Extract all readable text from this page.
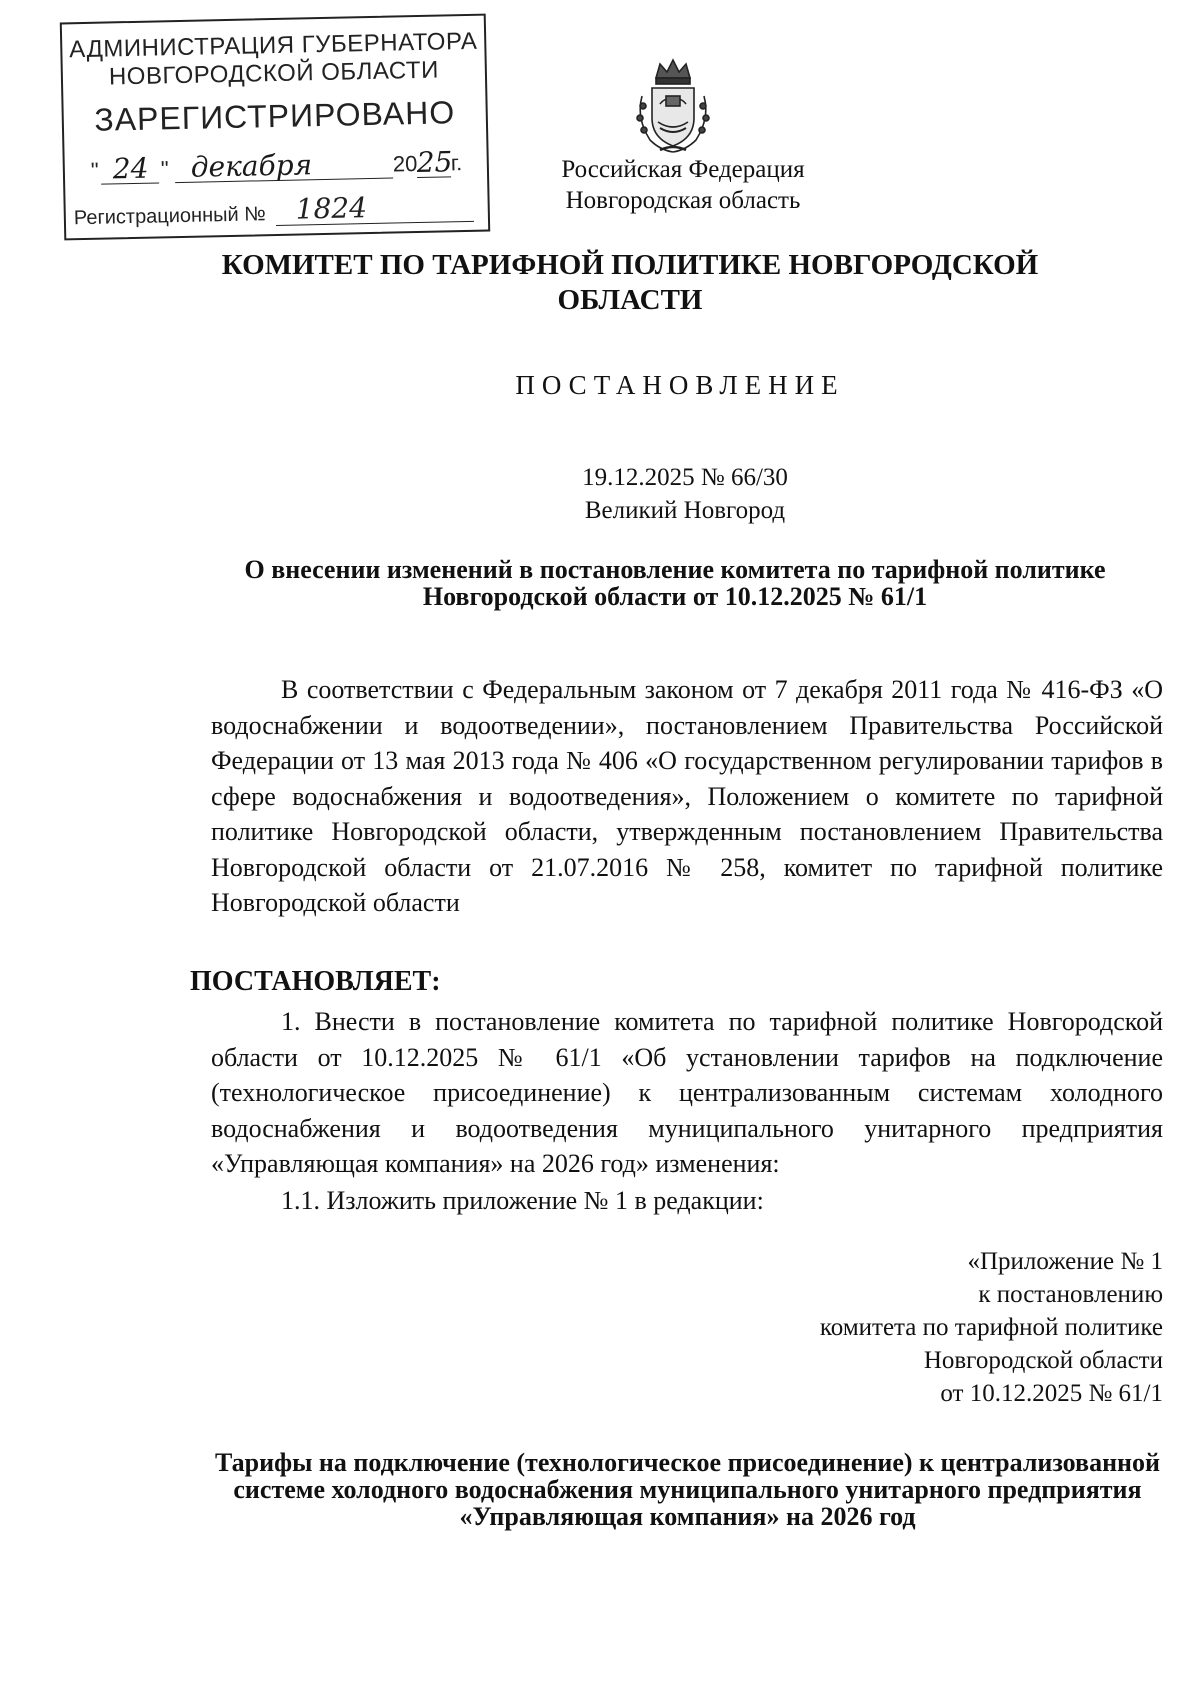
АДМИНИСТРАЦИЯ ГУБЕРНАТОРА
НОВГОРОДСКОЙ ОБЛАСТИ
ЗАРЕГИСТРИРОВАНО
" 24 " декабря	20
25
г.
Регистрационный № 1824
Российская Федерация
Новгородская область
КОМИТЕТ ПО ТАРИФНОЙ ПОЛИТИКЕ НОВГОРОДСКОЙ ОБЛАСТИ
ПОСТАНОВЛЕНИЕ
19.12.2025 № 66/30
Великий Новгород
О внесении изменений в постановление комитета по тарифной политике Новгородской области от 10.12.2025 № 61/1

В соответствии с Федеральным законом от 7 декабря 2011 года № 416-ФЗ «О водоснабжении и водоотведении», постановлением Правительства Российской Федерации от 13 мая 2013 года № 406 «О государственном регулировании тарифов в сфере водоснабжения и водоотведения», Положением о комитете по тарифной политике Новгородской области, утвержденным постановлением Правительства Новгородской области от 21.07.2016 № 258, комитет по тарифной политике Новгородской области

ПОСТАНОВЛЯЕТ:

1. Внести в постановление комитета по тарифной политике Новгородской области от 10.12.2025 № 61/1 «Об установлении тарифов на подключение (технологическое присоединение) к централизованным системам холодного водоснабжения и водоотведения муниципального унитарного предприятия «Управляющая компания» на 2026 год» изменения:

1.1. Изложить приложение № 1 в редакции:
«Приложение № 1
к постановлению
комитета по тарифной политике
Новгородской области
от 10.12.2025 № 61/1
Тарифы на подключение (технологическое присоединение) к централизованной системе холодного водоснабжения муниципального унитарного предприятия «Управляющая компания» на 2026 год
